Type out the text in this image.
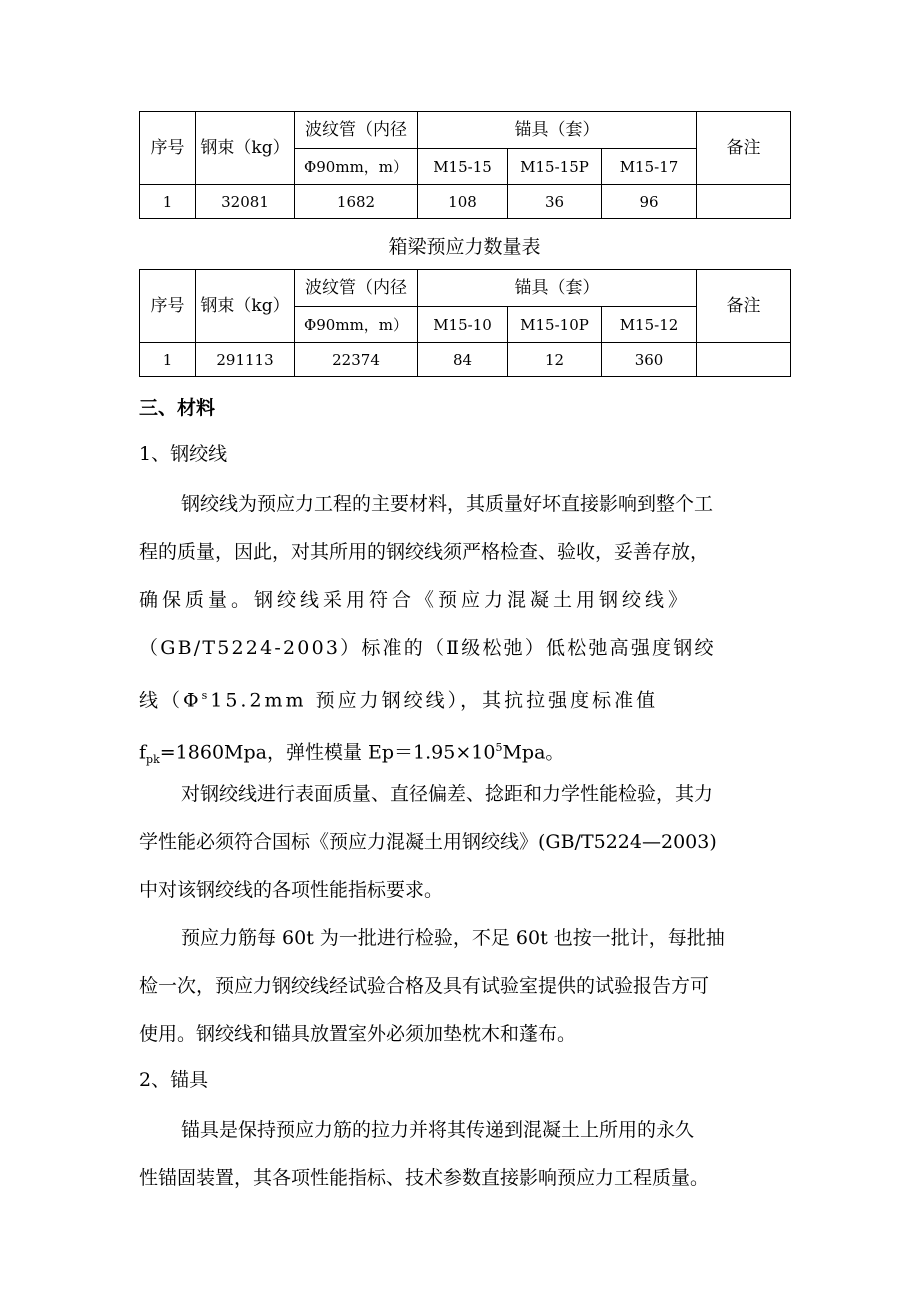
序号	钢束（kg）	波纹管（内径	锚具（套）			备注
		Φ90mm，m）	M15-15	M15-15P	M15-17	
1	32081	1682	108	36	96	
箱梁预应力数量表
序号	钢束（kg）	波纹管（内径	锚具（套）			备注
		Φ90mm，m）	M15-10	M15-10P	M15-12	
1	291113	22374	84	12	360	
三、材料
1、钢绞线

钢绞线为预应力工程的主要材料，其质量好坏直接影响到整个工
程的质量，因此，对其所用的钢绞线须严格检查、验收，妥善存放，
确保质量。钢绞线采用符合《预应力混凝土用钢绞线》
（GB/T5224-2003）标准的（Ⅱ级松弛）低松弛高强度钢绞
线（$\Phi^s15.2mm$ 预应力钢绞线），其抗拉强度标准值
$f_{pk}=1860Mpa$，弹性模量 $Ep=1.95\times 10^5Mpa$。

对钢绞线进行表面质量、直径偏差、捻距和力学性能检验，其力
学性能必须符合国标《预应力混凝土用钢绞线》(GB/T5224—2003)
中对该钢绞线的各项性能指标要求。

预应力筋每 60t 为一批进行检验，不足 60t 也按一批计，每批抽
检一次，预应力钢绞线经试验合格及具有试验室提供的试验报告方可
使用。钢绞线和锚具放置室外必须加垫枕木和蓬布。

2、锚具

锚具是保持预应力筋的拉力并将其传递到混凝土上所用的永久
性锚固装置，其各项性能指标、技术参数直接影响预应力工程质量。
